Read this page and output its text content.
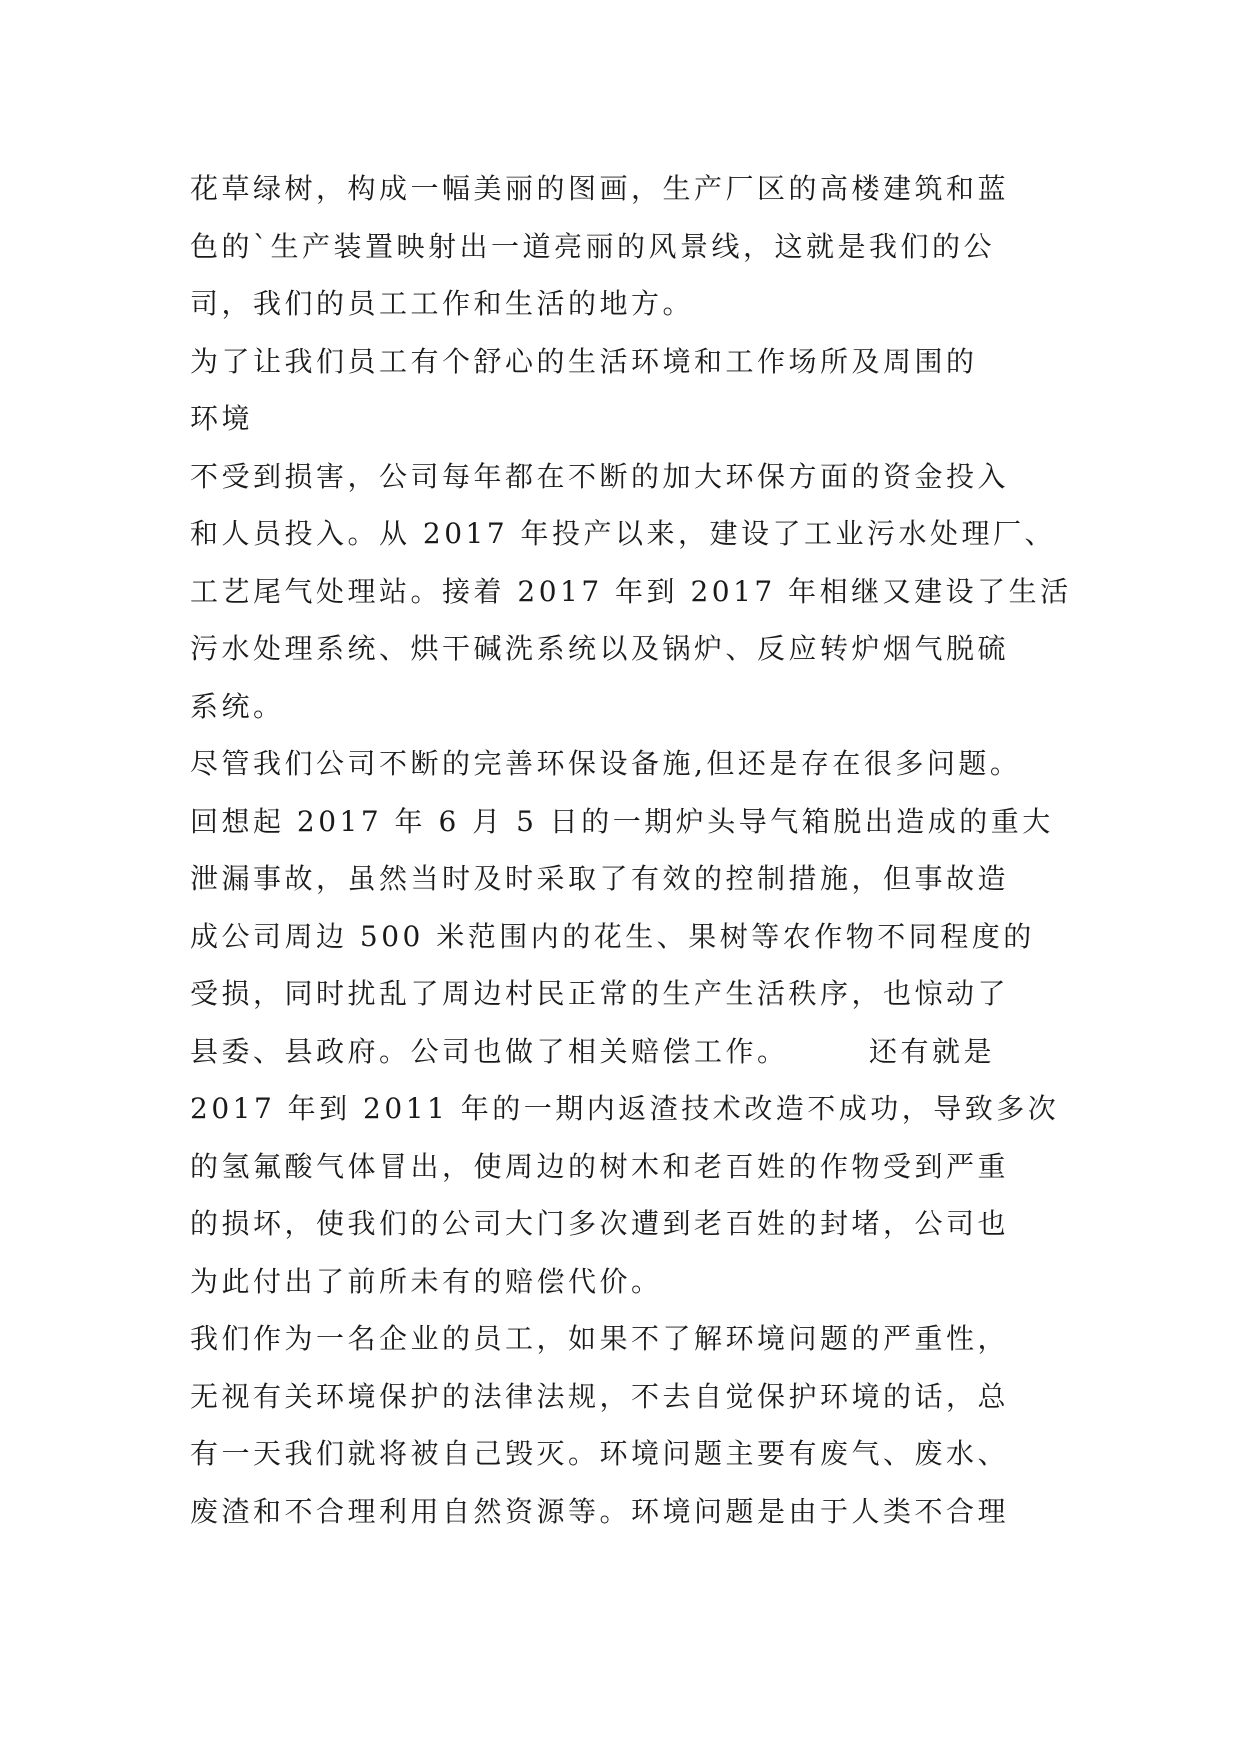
花草绿树，构成一幅美丽的图画，生产厂区的高楼建筑和蓝
色的`生产装置映射出一道亮丽的风景线，这就是我们的公
司，我们的员工工作和生活的地方。
为了让我们员工有个舒心的生活环境和工作场所及周围的
环境
不受到损害，公司每年都在不断的加大环保方面的资金投入
和人员投入。从 2017 年投产以来，建设了工业污水处理厂、
工艺尾气处理站。接着 2017 年到 2017 年相继又建设了生活
污水处理系统、烘干碱洗系统以及锅炉、反应转炉烟气脱硫
系统。
尽管我们公司不断的完善环保设备施,但还是存在很多问题。
回想起 2017 年 6 月 5 日的一期炉头导气箱脱出造成的重大
泄漏事故，虽然当时及时采取了有效的控制措施，但事故造
成公司周边 500 米范围内的花生、果树等农作物不同程度的
受损，同时扰乱了周边村民正常的生产生活秩序，也惊动了
县委、县政府。公司也做了相关赔偿工作。　　　还有就是
2017 年到 2011 年的一期内返渣技术改造不成功，导致多次
的氢氟酸气体冒出，使周边的树木和老百姓的作物受到严重
的损坏，使我们的公司大门多次遭到老百姓的封堵，公司也
为此付出了前所未有的赔偿代价。
我们作为一名企业的员工，如果不了解环境问题的严重性，
无视有关环境保护的法律法规，不去自觉保护环境的话，总
有一天我们就将被自己毁灭。环境问题主要有废气、废水、
废渣和不合理利用自然资源等。环境问题是由于人类不合理
